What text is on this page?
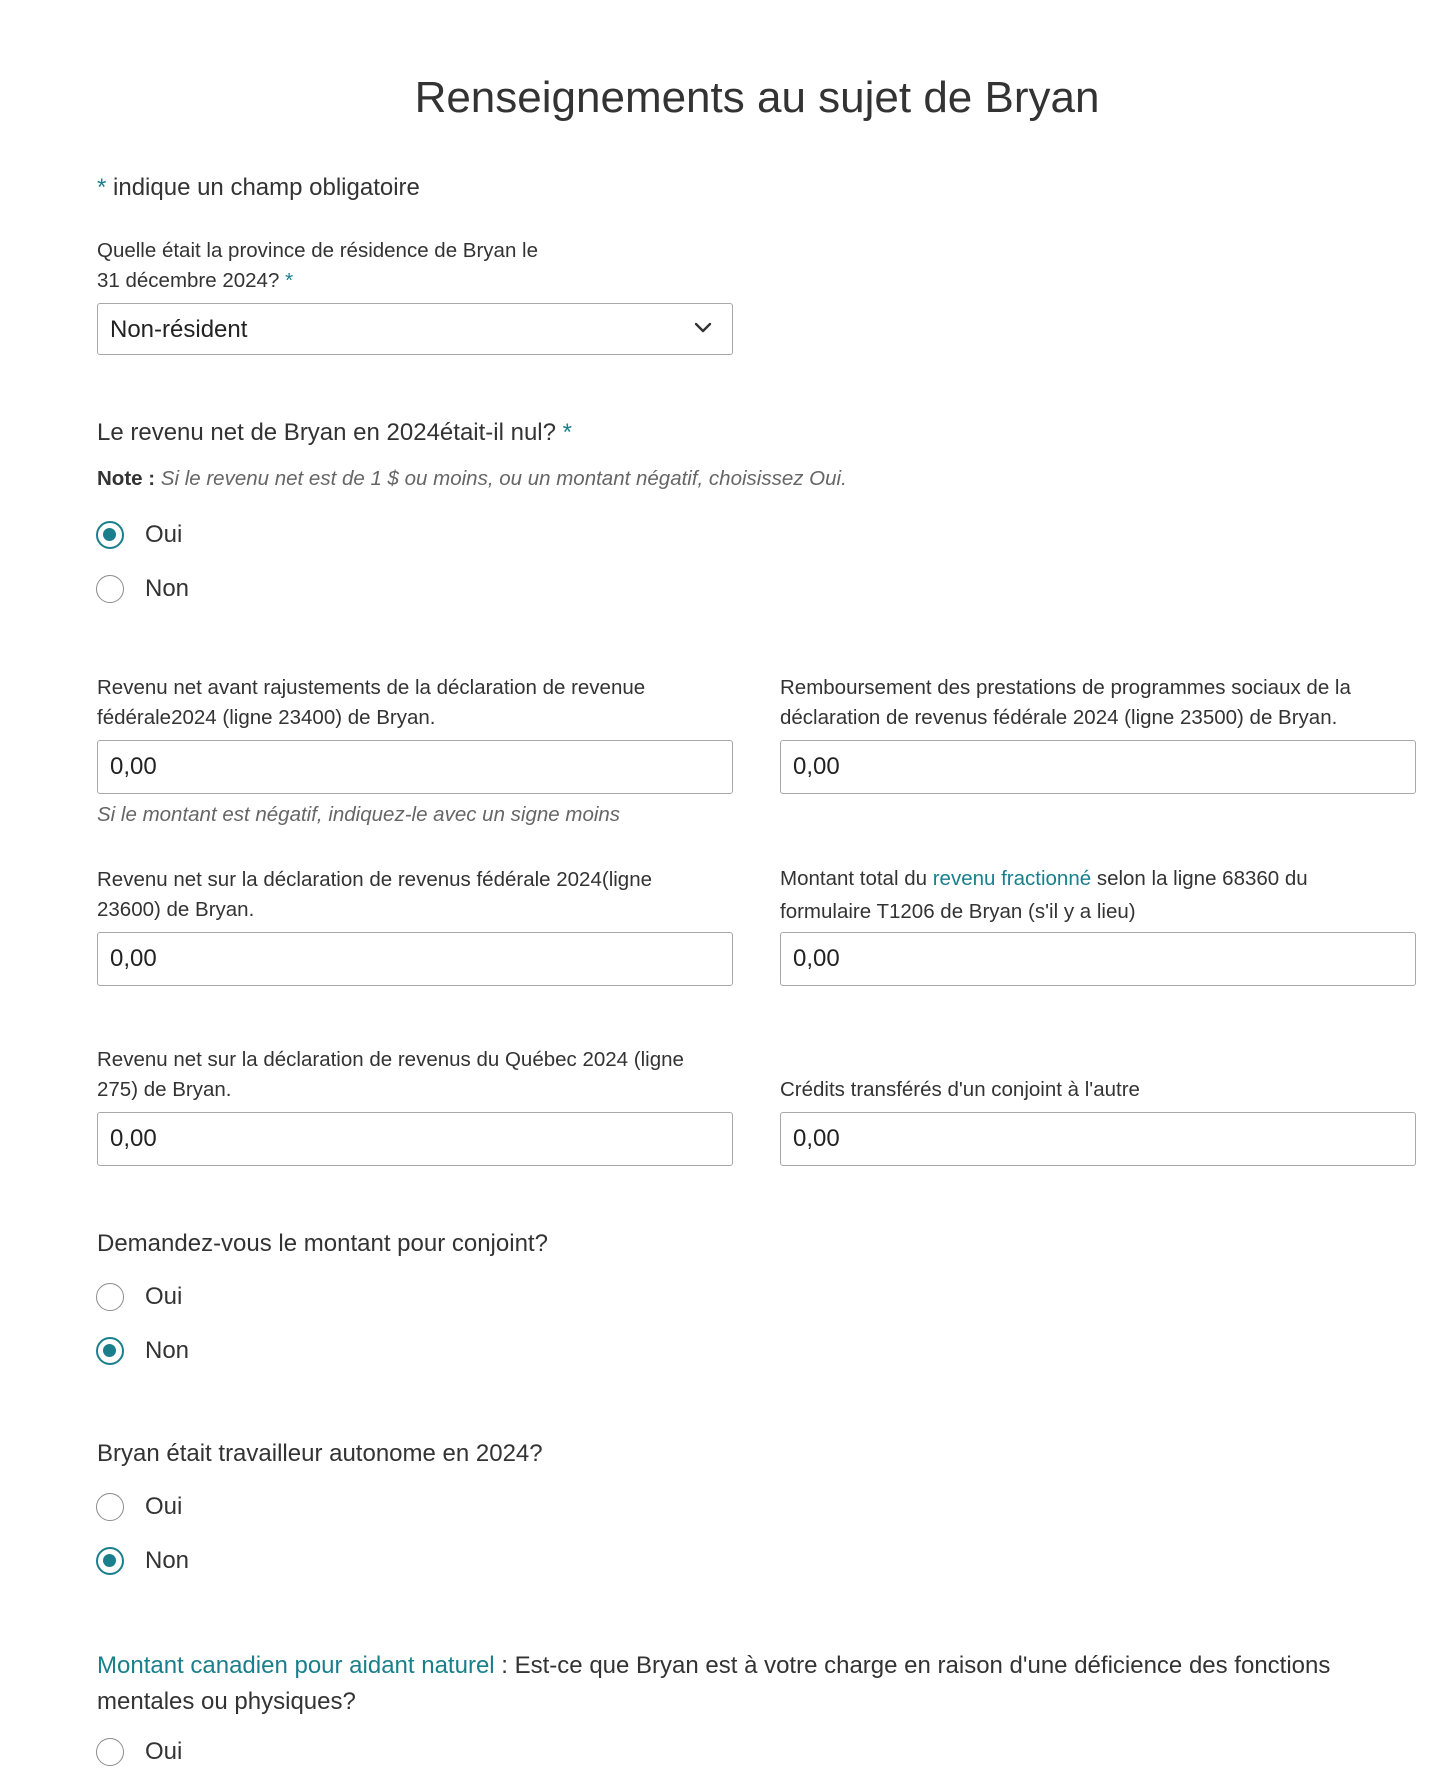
Renseignements au sujet de Bryan
* indique un champ obligatoire
Quelle était la province de résidence de Bryan le
31 décembre 2024? *
Non-résident
Le revenu net de Bryan en 2024était-il nul? *
Note : Si le revenu net est de 1 $ ou moins, ou un montant négatif, choisissez Oui.
Oui
Non
Revenu net avant rajustements de la déclaration de revenue
fédérale2024 (ligne 23400) de Bryan.
0,00
Si le montant est négatif, indiquez-le avec un signe moins
Remboursement des prestations de programmes sociaux de la
déclaration de revenus fédérale 2024 (ligne 23500) de Bryan.
0,00
Revenu net sur la déclaration de revenus fédérale 2024(ligne
23600) de Bryan.
0,00
Montant total du revenu fractionné selon la ligne 68360 du
formulaire T1206 de Bryan (s'il y a lieu)
0,00
Revenu net sur la déclaration de revenus du Québec 2024 (ligne
275) de Bryan.
0,00	Crédits transférés d'un conjoint à l'autre
0,00
Demandez-vous le montant pour conjoint?
Oui
Non
Bryan était travailleur autonome en 2024?
Oui
Non
Montant canadien pour aidant naturel : Est-ce que Bryan est à votre charge en raison d'une déficience des fonctions
mentales ou physiques?
Oui
